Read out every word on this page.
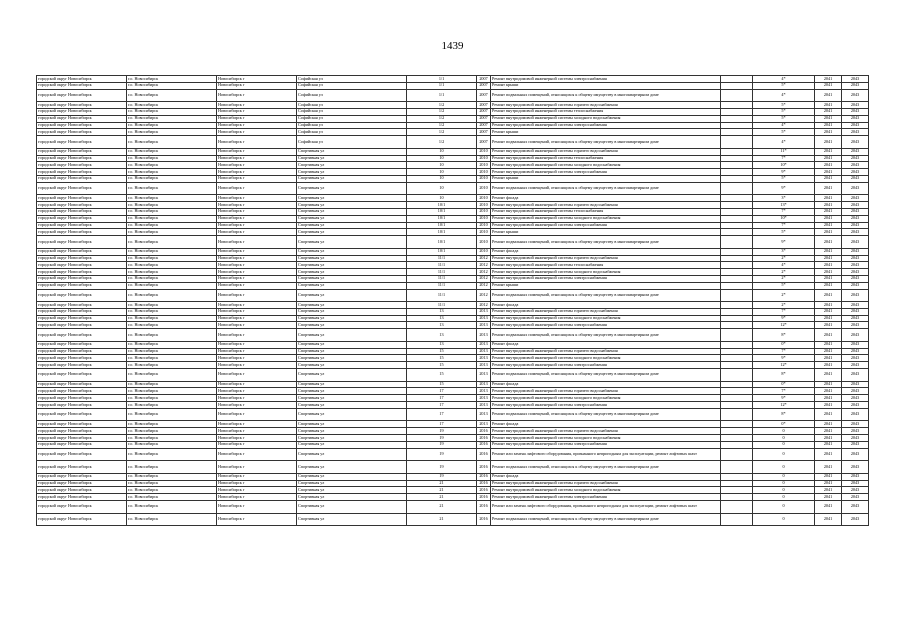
1439
городской округ Новосибирск	г.о. Новосибирск	Новосибирск г	Софийская ул	1/1	2007	Ремонт внутридомовой инженерной системы электроснабжения		4*	2041	2043
городской округ Новосибирск	г.о. Новосибирск	Новосибирск г	Софийская ул	1/1	2007	Ремонт крыши		5*	2041	2043
городской округ Новосибирск	г.о. Новосибирск	Новосибирск г	Софийская ул	1/1	2007	Ремонт подвальных помещений, относящихся к общему имуществу в многоквартирном доме		4*	2041	2043
городской округ Новосибирск	г.о. Новосибирск	Новосибирск г	Софийская ул	1/2	2007	Ремонт внутридомовой инженерной системы горячего водоснабжения		5*	2041	2043
городской округ Новосибирск	г.о. Новосибирск	Новосибирск г	Софийская ул	1/2	2007	Ремонт внутридомовой инженерной системы теплоснабжения		5*	2041	2043
городской округ Новосибирск	г.о. Новосибирск	Новосибирск г	Софийская ул	1/2	2007	Ремонт внутридомовой инженерной системы холодного водоснабжения		5*	2041	2043
городской округ Новосибирск	г.о. Новосибирск	Новосибирск г	Софийская ул	1/2	2007	Ремонт внутридомовой инженерной системы электроснабжения		4*	2041	2043
городской округ Новосибирск	г.о. Новосибирск	Новосибирск г	Софийская ул	1/2	2007	Ремонт крыши		5*	2041	2043
городской округ Новосибирск	г.о. Новосибирск	Новосибирск г	Софийская ул	1/2	2007	Ремонт подвальных помещений, относящихся к общему имуществу в многоквартирном доме		4*	2041	2043
городской округ Новосибирск	г.о. Новосибирск	Новосибирск г	Спортивная ул	10	2010	Ремонт внутридомовой инженерной системы горячего водоснабжения		11*	2041	2043
городской округ Новосибирск	г.о. Новосибирск	Новосибирск г	Спортивная ул	10	2010	Ремонт внутридомовой инженерной системы теплоснабжения		7*	2041	2043
городской округ Новосибирск	г.о. Новосибирск	Новосибирск г	Спортивная ул	10	2010	Ремонт внутридомовой инженерной системы холодного водоснабжения		10*	2041	2043
городской округ Новосибирск	г.о. Новосибирск	Новосибирск г	Спортивная ул	10	2010	Ремонт внутридомовой инженерной системы электроснабжения		9*	2041	2043
городской округ Новосибирск	г.о. Новосибирск	Новосибирск г	Спортивная ул	10	2010	Ремонт крыши		5*	2041	2043
городской округ Новосибирск	г.о. Новосибирск	Новосибирск г	Спортивная ул	10	2010	Ремонт подвальных помещений, относящихся к общему имуществу в многоквартирном доме		9*	2041	2043
городской округ Новосибирск	г.о. Новосибирск	Новосибирск г	Спортивная ул	10	2010	Ремонт фасада		3*	2041	2043
городской округ Новосибирск	г.о. Новосибирск	Новосибирск г	Спортивная ул	10/1	2010	Ремонт внутридомовой инженерной системы горячего водоснабжения		13*	2041	2043
городской округ Новосибирск	г.о. Новосибирск	Новосибирск г	Спортивная ул	10/1	2010	Ремонт внутридомовой инженерной системы теплоснабжения		7*	2041	2043
городской округ Новосибирск	г.о. Новосибирск	Новосибирск г	Спортивная ул	10/1	2010	Ремонт внутридомовой инженерной системы холодного водоснабжения		10*	2041	2043
городской округ Новосибирск	г.о. Новосибирск	Новосибирск г	Спортивная ул	10/1	2010	Ремонт внутридомовой инженерной системы электроснабжения		7*	2041	2043
городской округ Новосибирск	г.о. Новосибирск	Новосибирск г	Спортивная ул	10/1	2010	Ремонт крыши		5*	2041	2043
городской округ Новосибирск	г.о. Новосибирск	Новосибирск г	Спортивная ул	10/1	2010	Ремонт подвальных помещений, относящихся к общему имуществу в многоквартирном доме		9*	2041	2043
городской округ Новосибирск	г.о. Новосибирск	Новосибирск г	Спортивная ул	10/1	2010	Ремонт фасада		3*	2041	2043
городской округ Новосибирск	г.о. Новосибирск	Новосибирск г	Спортивная ул	11/1	2012	Ремонт внутридомовой инженерной системы горячего водоснабжения		2*	2041	2043
городской округ Новосибирск	г.о. Новосибирск	Новосибирск г	Спортивная ул	11/1	2012	Ремонт внутридомовой инженерной системы теплоснабжения		4*	2041	2043
городской округ Новосибирск	г.о. Новосибирск	Новосибирск г	Спортивная ул	11/1	2012	Ремонт внутридомовой инженерной системы холодного водоснабжения		2*	2041	2043
городской округ Новосибирск	г.о. Новосибирск	Новосибирск г	Спортивная ул	11/1	2012	Ремонт внутридомовой инженерной системы электроснабжения		2*	2041	2043
городской округ Новосибирск	г.о. Новосибирск	Новосибирск г	Спортивная ул	11/1	2012	Ремонт крыши		5*	2041	2043
городской округ Новосибирск	г.о. Новосибирск	Новосибирск г	Спортивная ул	11/1	2012	Ремонт подвальных помещений, относящихся к общему имуществу в многоквартирном доме		2*	2041	2043
городской округ Новосибирск	г.о. Новосибирск	Новосибирск г	Спортивная ул	11/1	2012	Ремонт фасада		2*	2041	2043
городской округ Новосибирск	г.о. Новосибирск	Новосибирск г	Спортивная ул	13	2013	Ремонт внутридомовой инженерной системы горячего водоснабжения		7*	2041	2043
городской округ Новосибирск	г.о. Новосибирск	Новосибирск г	Спортивная ул	13	2013	Ремонт внутридомовой инженерной системы холодного водоснабжения		9*	2041	2043
городской округ Новосибирск	г.о. Новосибирск	Новосибирск г	Спортивная ул	13	2013	Ремонт внутридомовой инженерной системы электроснабжения		12*	2041	2043
городской округ Новосибирск	г.о. Новосибирск	Новосибирск г	Спортивная ул	13	2013	Ремонт подвальных помещений, относящихся к общему имуществу в многоквартирном доме		8*	2041	2043
городской округ Новосибирск	г.о. Новосибирск	Новосибирск г	Спортивная ул	13	2013	Ремонт фасада		0*	2041	2043
городской округ Новосибирск	г.о. Новосибирск	Новосибирск г	Спортивная ул	15	2013	Ремонт внутридомовой инженерной системы горячего водоснабжения		7*	2041	2043
городской округ Новосибирск	г.о. Новосибирск	Новосибирск г	Спортивная ул	15	2013	Ремонт внутридомовой инженерной системы холодного водоснабжения		9*	2041	2043
городской округ Новосибирск	г.о. Новосибирск	Новосибирск г	Спортивная ул	15	2013	Ремонт внутридомовой инженерной системы электроснабжения		12*	2041	2043
городской округ Новосибирск	г.о. Новосибирск	Новосибирск г	Спортивная ул	15	2013	Ремонт подвальных помещений, относящихся к общему имуществу в многоквартирном доме		8*	2041	2043
городской округ Новосибирск	г.о. Новосибирск	Новосибирск г	Спортивная ул	15	2013	Ремонт фасада		0*	2041	2043
городской округ Новосибирск	г.о. Новосибирск	Новосибирск г	Спортивная ул	17	2013	Ремонт внутридомовой инженерной системы горячего водоснабжения		7*	2041	2043
городской округ Новосибирск	г.о. Новосибирск	Новосибирск г	Спортивная ул	17	2013	Ремонт внутридомовой инженерной системы холодного водоснабжения		9*	2041	2043
городской округ Новосибирск	г.о. Новосибирск	Новосибирск г	Спортивная ул	17	2013	Ремонт внутридомовой инженерной системы электроснабжения		12*	2041	2043
городской округ Новосибирск	г.о. Новосибирск	Новосибирск г	Спортивная ул	17	2013	Ремонт подвальных помещений, относящихся к общему имуществу в многоквартирном доме		8*	2041	2043
городской округ Новосибирск	г.о. Новосибирск	Новосибирск г	Спортивная ул	17	2013	Ремонт фасада		0*	2041	2043
городской округ Новосибирск	г.о. Новосибирск	Новосибирск г	Спортивная ул	19	2016	Ремонт внутридомовой инженерной системы горячего водоснабжения		0	2041	2043
городской округ Новосибирск	г.о. Новосибирск	Новосибирск г	Спортивная ул	19	2016	Ремонт внутридомовой инженерной системы холодного водоснабжения		0	2041	2043
городской округ Новосибирск	г.о. Новосибирск	Новосибирск г	Спортивная ул	19	2016	Ремонт внутридомовой инженерной системы электроснабжения		0	2041	2043
городской округ Новосибирск	г.о. Новосибирск	Новосибирск г	Спортивная ул	19	2016	Ремонт или замена лифтового оборудования, признанного непригодным для эксплуатации, ремонт лифтовых шахт		0	2041	2043
городской округ Новосибирск	г.о. Новосибирск	Новосибирск г	Спортивная ул	19	2016	Ремонт подвальных помещений, относящихся к общему имуществу в многоквартирном доме		0	2041	2043
городской округ Новосибирск	г.о. Новосибирск	Новосибирск г	Спортивная ул	19	2016	Ремонт фасада		0	2041	2043
городской округ Новосибирск	г.о. Новосибирск	Новосибирск г	Спортивная ул	21	2016	Ремонт внутридомовой инженерной системы горячего водоснабжения		0	2041	2043
городской округ Новосибирск	г.о. Новосибирск	Новосибирск г	Спортивная ул	21	2016	Ремонт внутридомовой инженерной системы холодного водоснабжения		0	2041	2043
городской округ Новосибирск	г.о. Новосибирск	Новосибирск г	Спортивная ул	21	2016	Ремонт внутридомовой инженерной системы электроснабжения		0	2041	2043
городской округ Новосибирск	г.о. Новосибирск	Новосибирск г	Спортивная ул	21	2016	Ремонт или замена лифтового оборудования, признанного непригодным для эксплуатации, ремонт лифтовых шахт		0	2041	2043
городской округ Новосибирск	г.о. Новосибирск	Новосибирск г	Спортивная ул	21	2016	Ремонт подвальных помещений, относящихся к общему имуществу в многоквартирном доме		0	2041	2043
